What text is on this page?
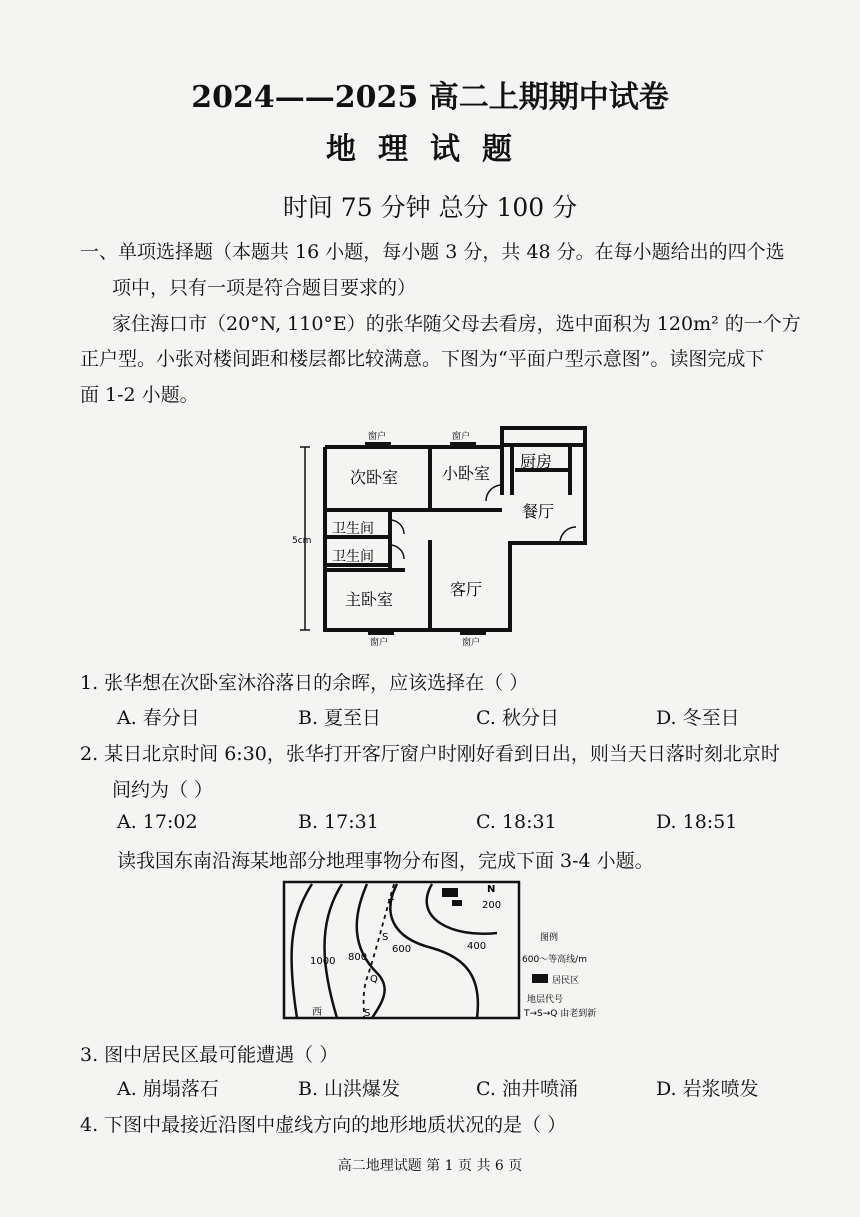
2024——2025 高二上期期中试卷
地理试题
时间 75 分钟 总分 100 分
一、单项选择题（本题共 16 小题，每小题 3 分，共 48 分。在每小题给出的四个选
项中，只有一项是符合题目要求的）
家住海口市（20°N, 110°E）的张华随父母去看房，选中面积为 120m² 的一个方
正户型。小张对楼间距和楼层都比较满意。下图为“平面户型示意图”。读图完成下
面 1-2 小题。
窗户	窗户
窗户	窗户
5cm
次卧室	小卧室
厨房
餐厅
卫生间
卫生间
主卧室
客厅
1. 张华想在次卧室沐浴落日的余晖，应该选择在（ ）
A. 春分日	B. 夏至日	C. 秋分日	D. 冬至日
2. 某日北京时间 6:30，张华打开客厅窗户时刚好看到日出，则当天日落时刻北京时
间约为（ ）
A. 17:02	B. 17:31	C. 18:31	D. 18:51
读我国东南沿海某地部分地理事物分布图，完成下面 3-4 小题。
1000 800
600	400
200
N
西
T
S
Q
S
图例
600～等高线/m
居民区
地层代号
T→S→Q 由老到新
3. 图中居民区最可能遭遇（ ）
A. 崩塌落石	B. 山洪爆发	C. 油井喷涌	D. 岩浆喷发
4. 下图中最接近沿图中虚线方向的地形地质状况的是（ ）
高二地理试题 第 1 页 共 6 页
